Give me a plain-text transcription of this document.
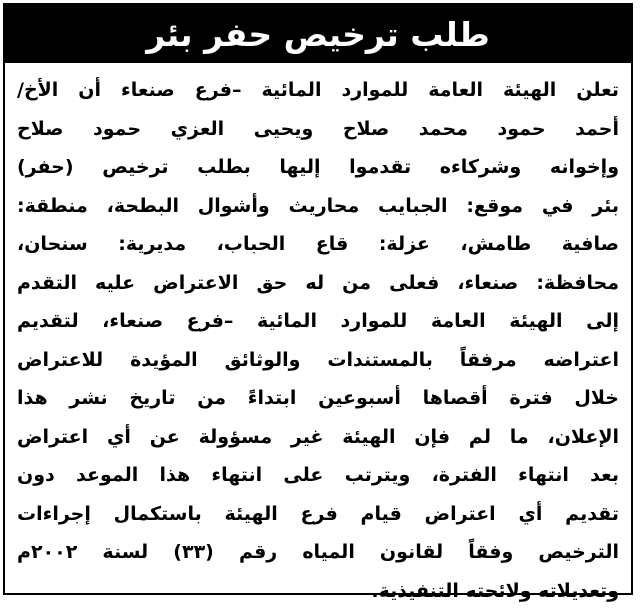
طلب ترخيص حفر بئر
تعلن الهيئة العامة للموارد المائية –فرع صنعاء أن الأخ/
أحمد حمود محمد صلاح ويحيى العزي حمود صلاح
وإخوانه وشركاءه تقدموا إليها بطلب ترخيص (حفر)
بئر في موقع: الجبايب محاريث وأشوال البطحة، منطقة:
صافية طامش، عزلة: قاع الحباب، مديرية: سنحان،
محافظة: صنعاء، فعلى من له حق الاعتراض عليه التقدم
إلى الهيئة العامة للموارد المائية –فرع صنعاء، لتقديم
اعتراضه مرفقاً بالمستندات والوثائق المؤيدة للاعتراض
خلال فترة أقصاها أسبوعين ابتداءً من تاريخ نشر هذا
الإعلان، ما لم فإن الهيئة غير مسؤولة عن أي اعتراض
بعد انتهاء الفترة، ويترتب على انتهاء هذا الموعد دون
تقديم أي اعتراض قيام فرع الهيئة باستكمال إجراءات
الترخيص وفقاً لقانون المياه رقم (٣٣) لسنة ٢٠٠٢م
وتعديلاته ولائحته التنفيذية.
